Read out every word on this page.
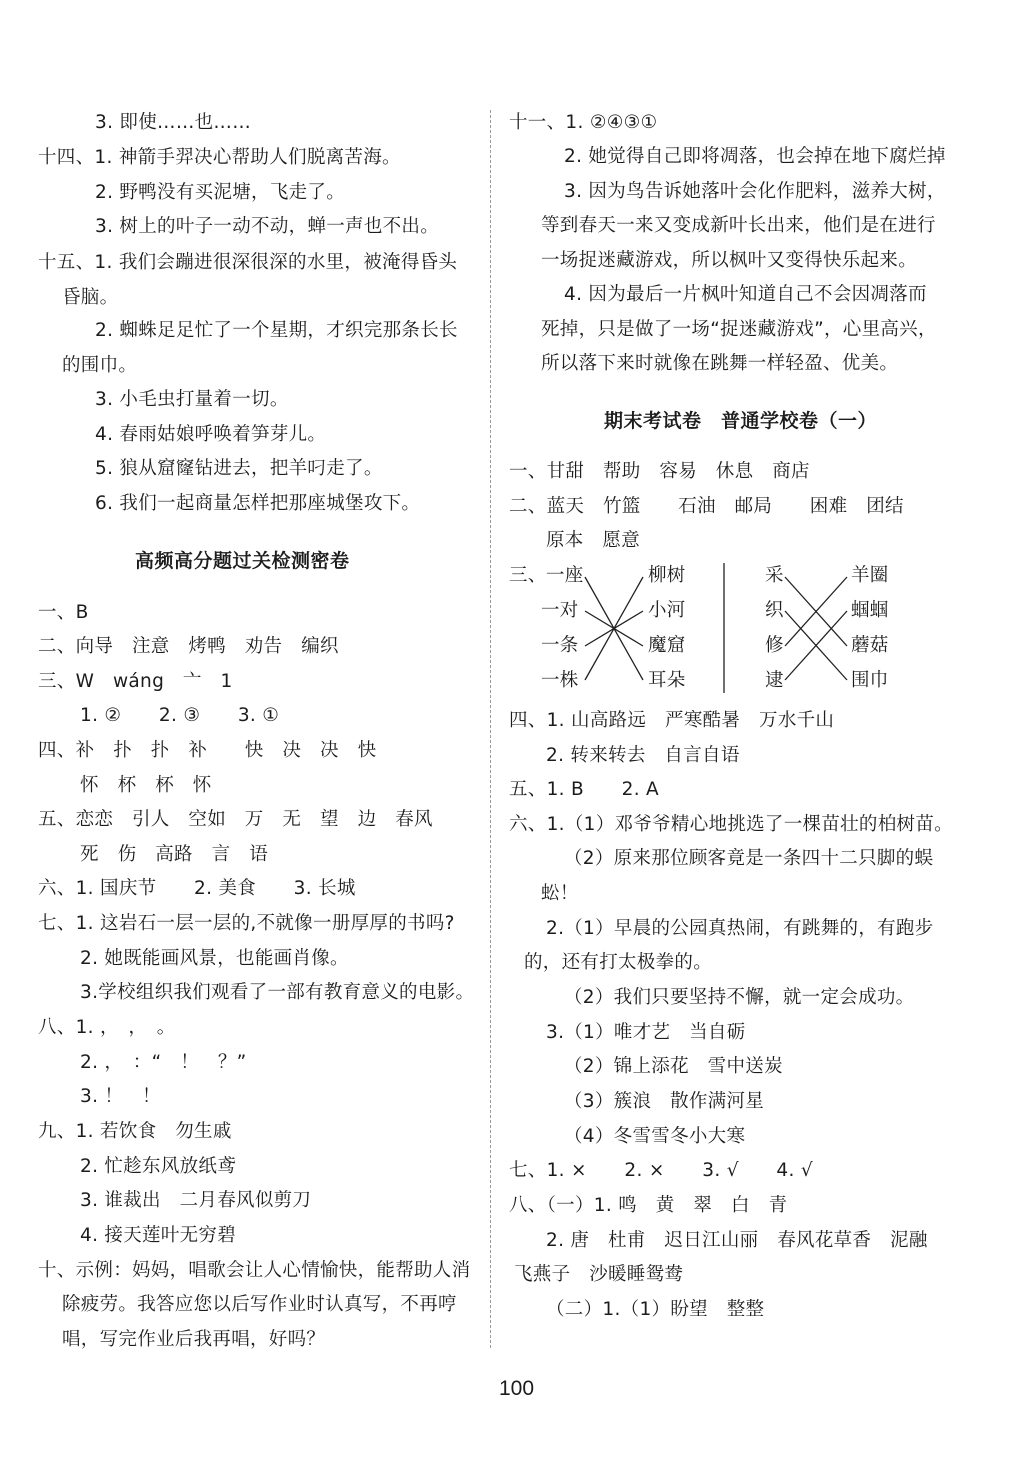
3. 即使……也……
十四、1. 神箭手羿决心帮助人们脱离苦海。
2. 野鸭没有买泥塘，飞走了。
3. 树上的叶子一动不动，蝉一声也不出。
十五、1. 我们会蹦进很深很深的水里，被淹得昏头
昏脑。
2. 蜘蛛足足忙了一个星期，才织完那条长长
的围巾。
3. 小毛虫打量着一切。
4. 春雨姑娘呼唤着笋芽儿。
5. 狼从窟窿钻进去，把羊叼走了。
6. 我们一起商量怎样把那座城堡攻下。
高频高分题过关检测密卷
一、B
二、向导　注意　烤鸭　劝告　编织
三、W　wáng　亠　1
1. ②　　2. ③　　3. ①
四、补　扑　扑　补　　快　决　决　快
怀　杯　杯　怀
五、恋恋　引人　空如　万　无　望　边　春风
死　伤　高路　言　语
六、1. 国庆节　　2. 美食　　3. 长城
七、1. 这岩石一层一层的,不就像一册厚厚的书吗?
2. 她既能画风景，也能画肖像。
3.学校组织我们观看了一部有教育意义的电影。
八、1. ，　，　。
2. ，　：“　！　？”
3. ！　！
九、1. 若饮食　勿生戚
2. 忙趁东风放纸鸢
3. 谁裁出　二月春风似剪刀
4. 接天莲叶无穷碧
十、示例：妈妈，唱歌会让人心情愉快，能帮助人消
除疲劳。我答应您以后写作业时认真写，不再哼
唱，写完作业后我再唱，好吗？
十一、1. ②④③①
2. 她觉得自己即将凋落，也会掉在地下腐烂掉
3. 因为鸟告诉她落叶会化作肥料，滋养大树，
等到春天一来又变成新叶长出来，他们是在进行
一场捉迷藏游戏，所以枫叶又变得快乐起来。
4. 因为最后一片枫叶知道自己不会因凋落而
死掉，只是做了一场“捉迷藏游戏”，心里高兴，
所以落下来时就像在跳舞一样轻盈、优美。
期末考试卷　普通学校卷（一）
一、甘甜　帮助　容易　休息　商店
二、蓝天　竹篮　　石油　邮局　　困难　团结
原本　愿意
三、 一座
一对
一条
一株
柳树
小河
魔窟
耳朵
采
织
修
逮
羊圈
蝈蝈
蘑菇
围巾
四、1. 山高路远　严寒酷暑　万水千山
2. 转来转去　自言自语
五、1. B　　2. A
六、1.（1）邓爷爷精心地挑选了一棵苗壮的柏树苗。
（2）原来那位顾客竟是一条四十二只脚的蜈
蚣！
2.（1）早晨的公园真热闹，有跳舞的，有跑步
的，还有打太极拳的。
（2）我们只要坚持不懈，就一定会成功。
3.（1）唯才艺　当自砺
（2）锦上添花　雪中送炭
（3）簇浪　散作满河星
（4）冬雪雪冬小大寒
七、1. ×　　2. ×　　3. √　　4. √
八、（一）1. 鸣　黄　翠　白　青
2. 唐　杜甫　迟日江山丽　春风花草香　泥融
飞燕子　沙暖睡鸳鸯
（二）1.（1）盼望　整整
100
